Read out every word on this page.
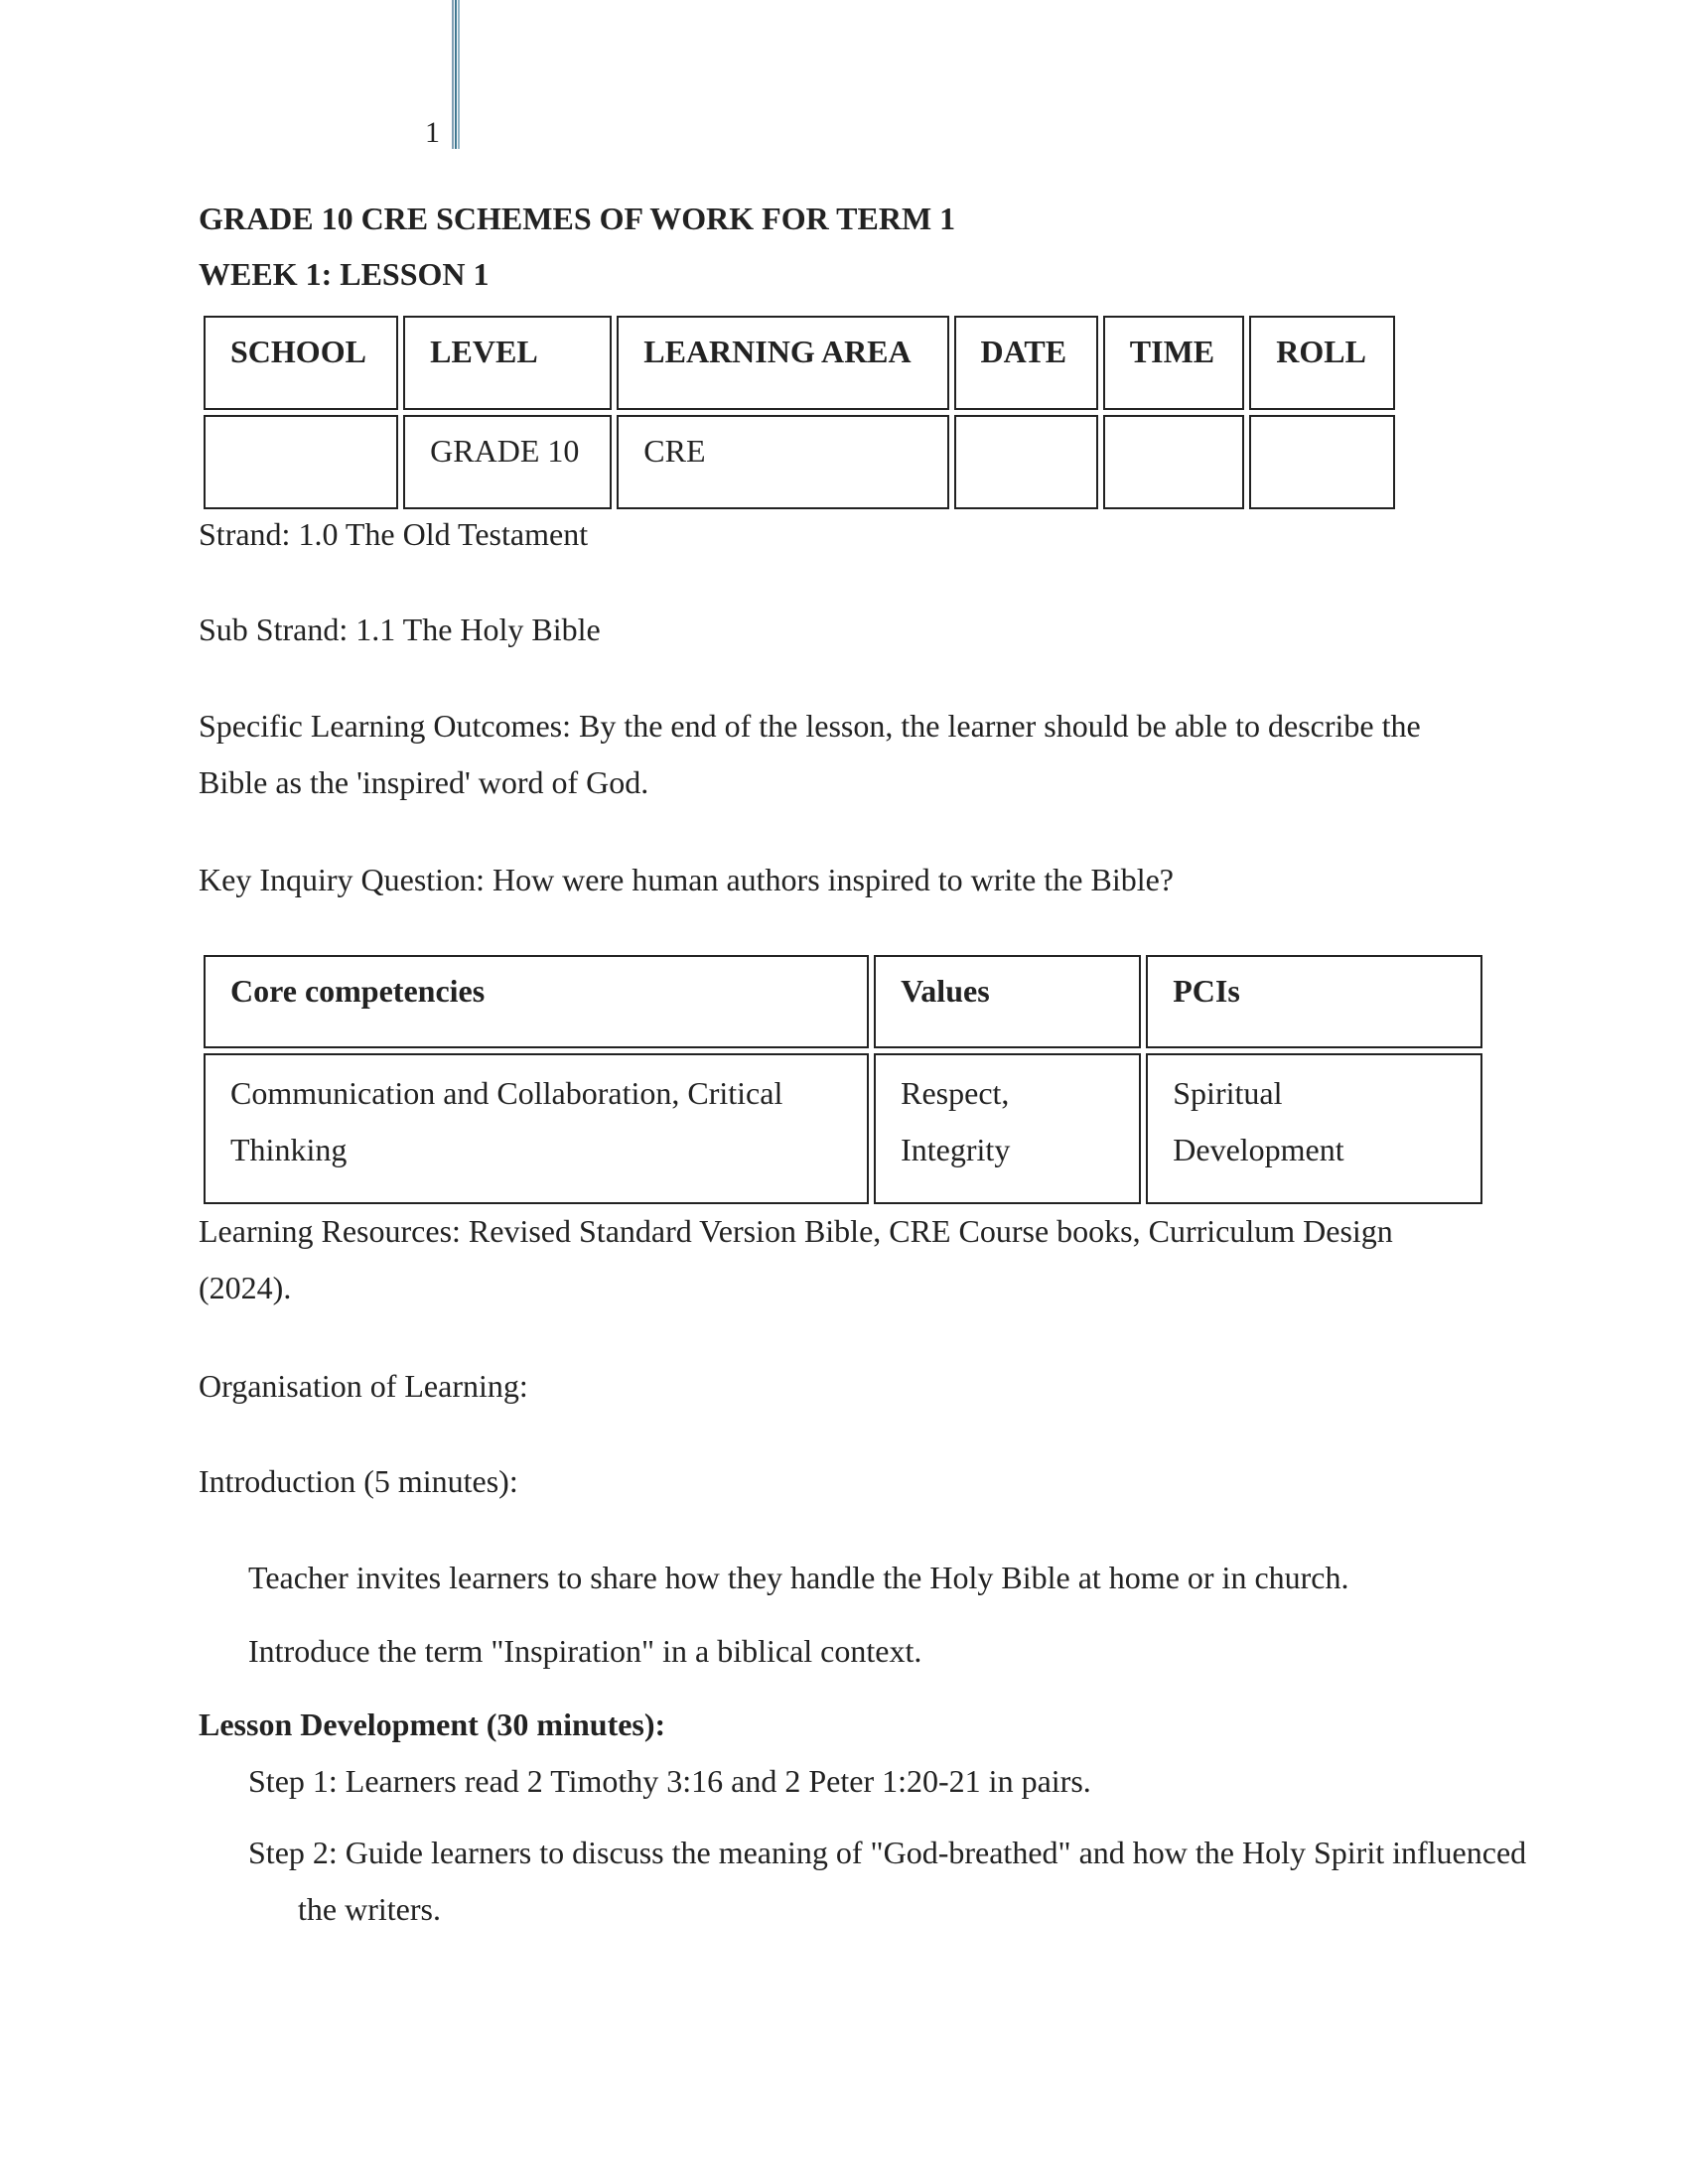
1
GRADE 10 CRE SCHEMES OF WORK FOR TERM 1
WEEK 1: LESSON 1
SCHOOL	LEVEL	LEARNING AREA	DATE	TIME	ROLL
	GRADE 10	CRE			
Strand: 1.0 The Old Testament
Sub Strand: 1.1 The Holy Bible
Specific Learning Outcomes: By the end of the lesson, the learner should be able to describe the Bible as the 'inspired' word of God.
Key Inquiry Question: How were human authors inspired to write the Bible?
Core competencies	Values	PCIs
Communication and Collaboration, Critical Thinking	Respect, Integrity	Spiritual Development
Learning Resources: Revised Standard Version Bible, CRE Course books, Curriculum Design (2024).
Organisation of Learning:
Introduction (5 minutes):
Teacher invites learners to share how they handle the Holy Bible at home or in church.
Introduce the term "Inspiration" in a biblical context.
Lesson Development (30 minutes):
Step 1: Learners read 2 Timothy 3:16 and 2 Peter 1:20-21 in pairs.
Step 2: Guide learners to discuss the meaning of "God-breathed" and how the Holy Spirit influenced the writers.
